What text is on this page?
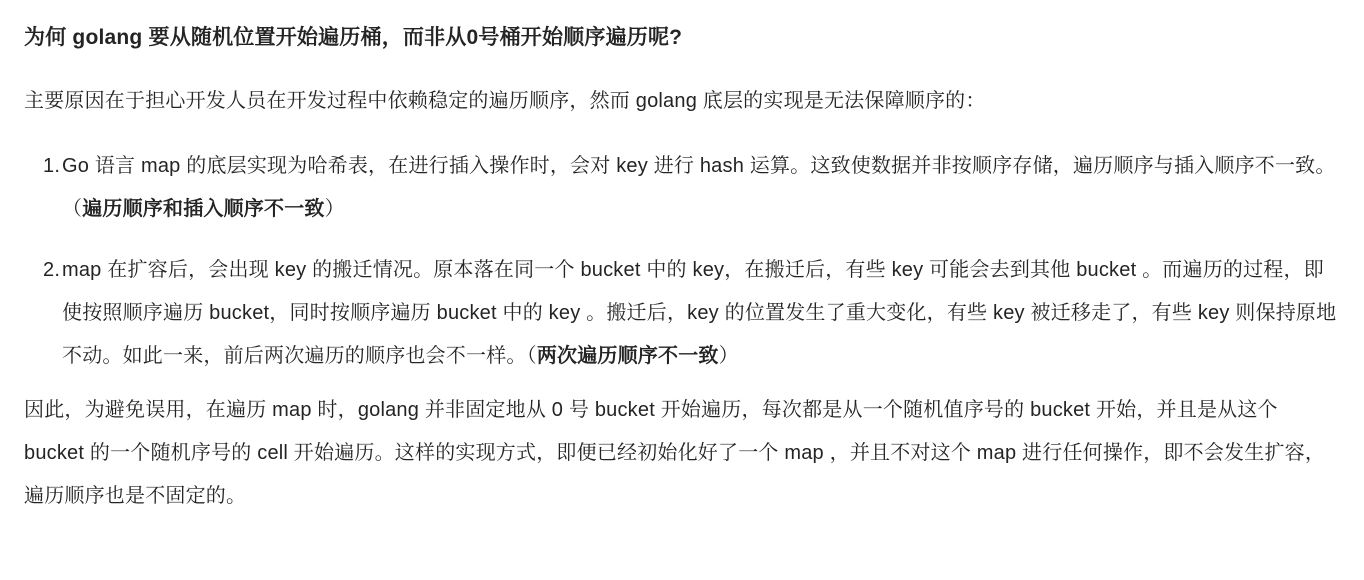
为何 golang 要从随机位置开始遍历桶，而非从0号桶开始顺序遍历呢?

主要原因在于担心开发人员在开发过程中依赖稳定的遍历顺序，然而 golang 底层的实现是无法保障顺序的：

1. Go 语言 map 的底层实现为哈希表，在进行插入操作时，会对 key 进行 hash 运算。这致使数据并非按顺序存储，遍历顺序与插入顺序不一致。（遍历顺序和插入顺序不一致）
2. map 在扩容后，会出现 key 的搬迁情况。原本落在同一个 bucket 中的 key，在搬迁后，有些 key 可能会去到其他 bucket 。而遍历的过程，即使按照顺序遍历 bucket，同时按顺序遍历 bucket 中的 key 。搬迁后，key 的位置发生了重大变化，有些 key 被迁移走了，有些 key 则保持原地不动。如此一来，前后两次遍历的顺序也会不一样。（两次遍历顺序不一致）

因此，为避免误用，在遍历 map 时，golang 并非固定地从 0 号 bucket 开始遍历，每次都是从一个随机值序号的 bucket 开始，并且是从这个 bucket 的一个随机序号的 cell 开始遍历。这样的实现方式，即便已经初始化好了一个 map ，并且不对这个 map 进行任何操作，即不会发生扩容，遍历顺序也是不固定的。
